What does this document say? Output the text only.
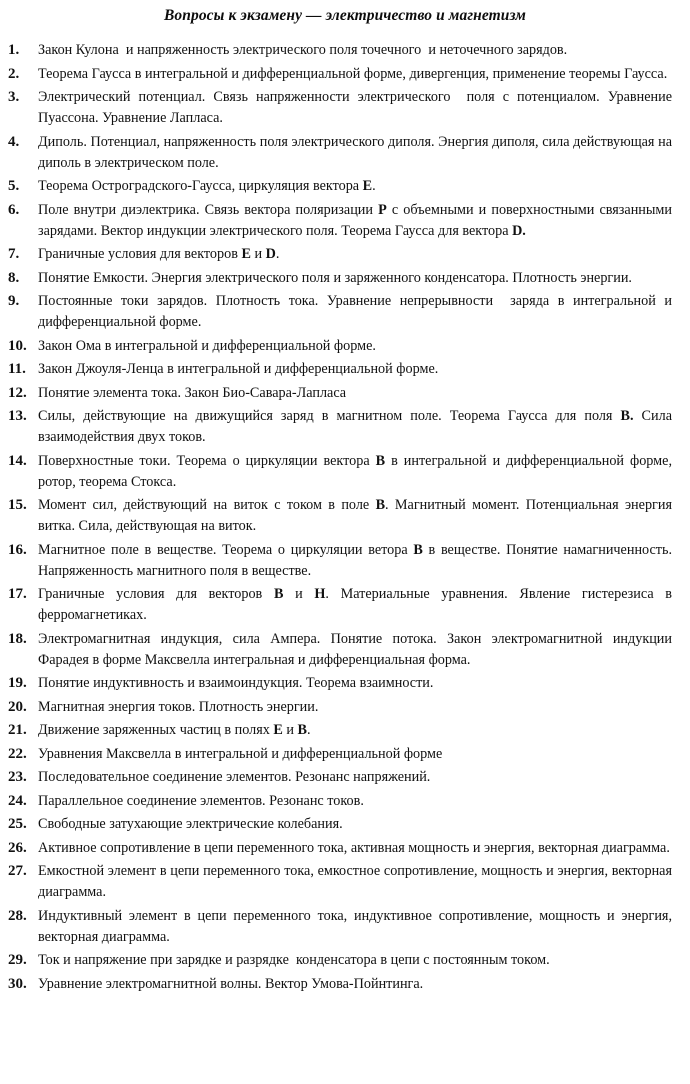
Вопросы к экзамену — электричество и магнетизм
1.	Закон Кулона  и напряженность электрического поля точечного  и неточечного зарядов.
2.	Теорема Гаусса в интегральной и дифференциальной форме, дивергенция, применение теоремы Гаусса.
3.	Электрический потенциал. Связь напряженности электрического  поля с потенциалом. Уравнение Пуассона. Уравнение Лапласа.
4.	Диполь. Потенциал, напряженность поля электрического диполя. Энергия диполя, сила действующая на диполь в электрическом поле.
5.	Теорема Остроградского-Гаусса, циркуляция вектора E.
6.	Поле внутри диэлектрика. Связь вектора поляризации P с объемными и поверхностными связанными зарядами. Вектор индукции электрического поля. Теорема Гаусса для вектора D.
7.	Граничные условия для векторов E и D.
8.	Понятие Емкости. Энергия электрического поля и заряженного конденсатора. Плотность энергии.
9.	Постоянные токи зарядов. Плотность тока. Уравнение непрерывности  заряда в интегральной и дифференциальной форме.
10. Закон Ома в интегральной и дифференциальной форме.
11. Закон Джоуля-Ленца в интегральной и дифференциальной форме.
12. Понятие элемента тока. Закон Био-Савара-Лапласа
13. Силы, действующие на движущийся заряд в магнитном поле. Теорема Гаусса для поля B. Сила взаимодействия двух токов.
14. Поверхностные токи. Теорема о циркуляции вектора B в интегральной и дифференциальной форме, ротор, теорема Стокса.
15. Момент сил, действующий на виток с током в поле B. Магнитный момент. Потенциальная энергия витка. Сила, действующая на виток.
16. Магнитное поле в веществе. Теорема о циркуляции ветора B в веществе. Понятие намагниченность. Напряженность магнитного поля в веществе.
17. Граничные условия для векторов B и H. Материальные уравнения. Явление гистерезиса в ферромагнетиках.
18. Электромагнитная индукция, сила Ампера. Понятие потока. Закон электромагнитной индукции Фарадея в форме Максвелла интегральная и дифференциальная форма.
19. Понятие индуктивность и взаимоиндукция. Теорема взаимности.
20. Магнитная энергия токов. Плотность энергии.
21. Движение заряженных частиц в полях E и B.
22. Уравнения Максвелла в интегральной и дифференциальной форме
23. Последовательное соединение элементов. Резонанс напряжений.
24. Параллельное соединение элементов. Резонанс токов.
25. Свободные затухающие электрические колебания.
26. Активное сопротивление в цепи переменного тока, активная мощность и энергия, векторная диаграмма.
27. Емкостной элемент в цепи переменного тока, емкостное сопротивление, мощность и энергия, векторная диаграмма.
28. Индуктивный элемент в цепи переменного тока, индуктивное сопротивление, мощность и энергия, векторная диаграмма.
29. Ток и напряжение при зарядке и разрядке  конденсатора в цепи с постоянным током.
30. Уравнение электромагнитной волны. Вектор Умова-Пойнтинга.
